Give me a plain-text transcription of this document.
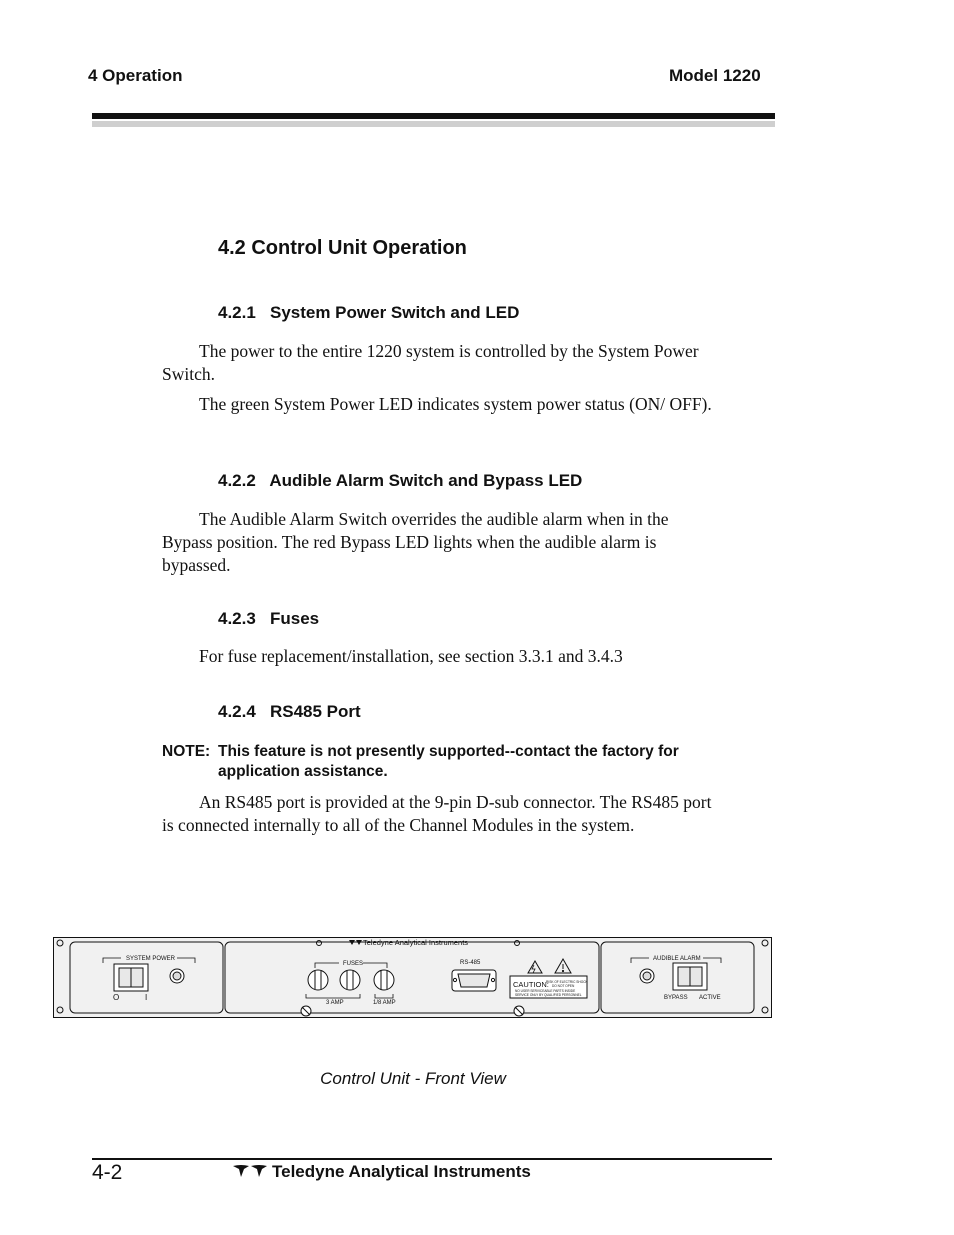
4 Operation	Model 1220
4.2 Control Unit Operation
4.2.1   System Power Switch and LED

The power to the entire 1220 system is controlled by the System Power Switch.

The green System Power LED indicates system power status (ON/ OFF).

4.2.2   Audible Alarm Switch and Bypass LED

The Audible Alarm Switch overrides the audible alarm when in the Bypass position. The red Bypass LED lights when the audible alarm is bypassed.

4.2.3   Fuses

For fuse replacement/installation, see section 3.3.1 and 3.4.3

4.2.4   RS485 Port
NOTE: This feature is not presently supported--contact the factory for
application assistance.

An RS485 port is provided at the 9-pin D-sub connector. The RS485 port is connected internally to all of the Channel Modules in the system.

Teledyne Analytical Instruments
SYSTEM POWER
O	I
FUSES
3 AMP	1/8 AMP
RS-485
CAUTION:
RISK OF ELECTRIC SHOCK
DO NOT OPEN
NO USER SERVICEABLE PARTS INSIDE
SERVICE ONLY BY QUALIFIED PERSONNEL
AUDIBLE ALARM
BYPASS ACTIVE
Control Unit - Front View
4-2	Teledyne Analytical Instruments
